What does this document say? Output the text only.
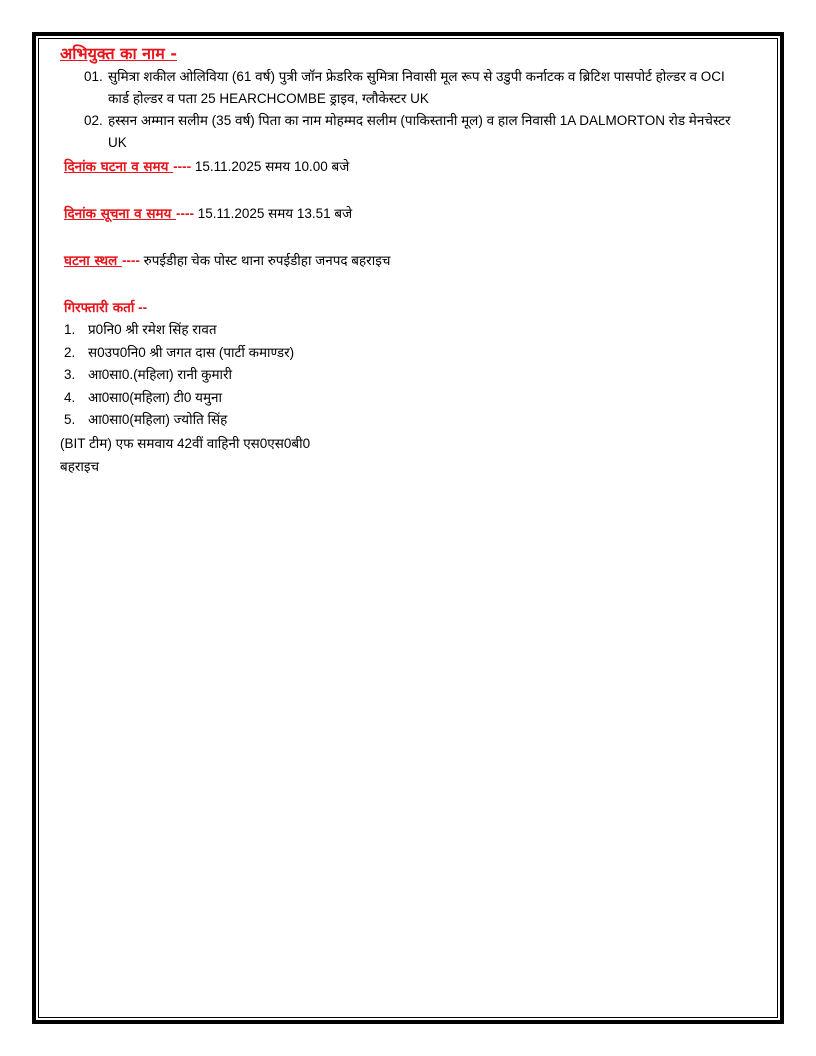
अभियुक्त का नाम -
01. सुमित्रा शकील ओलिविया (61 वर्ष) पुत्री जॉन फ्रेडरिक सुमित्रा निवासी मूल रूप से उडुपी कर्नाटक व ब्रिटिश पासपोर्ट होल्डर व OCI कार्ड होल्डर व पता 25 HEARCHCOMBE ड्राइव, ग्लौकेस्टर UK
02. हस्सन अम्मान सलीम (35 वर्ष) पिता का नाम मोहम्मद सलीम (पाकिस्तानी मूल) व हाल निवासी 1A DALMORTON रोड मेनचेस्टर UK
दिनांक घटना व समय ---- 15.11.2025 समय 10.00 बजे
दिनांक सूचना व समय ---- 15.11.2025 समय 13.51 बजे
घटना स्थल ---- रुपईडीहा चेक पोस्ट थाना रुपईडीहा जनपद बहराइच
गिरफ्तारी कर्ता --
1. प्र0नि0 श्री रमेश सिंह रावत
2. स0उप0नि0 श्री जगत दास (पार्टी कमाण्डर)
3. आ0सा0.(महिला) रानी कुमारी
4. आ0सा0(महिला) टी0 यमुना
5. आ0सा0(महिला) ज्योति सिंह
(BIT टीम) एफ समवाय 42वीं वाहिनी एस0एस0बी0
बहराइच
